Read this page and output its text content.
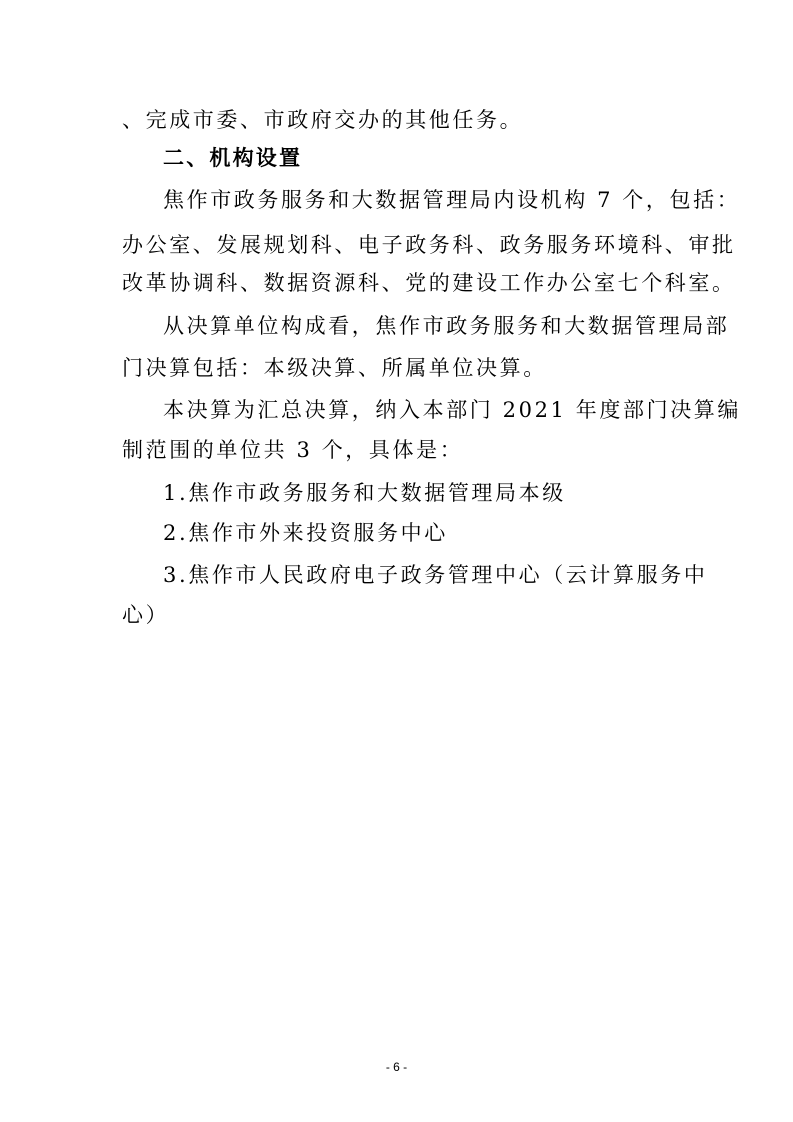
、完成市委、市政府交办的其他任务。
二、机构设置
焦作市政务服务和大数据管理局内设机构 7 个，包括：
办公室、发展规划科、电子政务科、政务服务环境科、审批
改革协调科、数据资源科、党的建设工作办公室七个科室。
从决算单位构成看，焦作市政务服务和大数据管理局部
门决算包括：本级决算、所属单位决算。
本决算为汇总决算，纳入本部门 2021 年度部门决算编
制范围的单位共 3 个，具体是：
1.焦作市政务服务和大数据管理局本级
2.焦作市外来投资服务中心
3.焦作市人民政府电子政务管理中心（云计算服务中
心）
- 6 -
